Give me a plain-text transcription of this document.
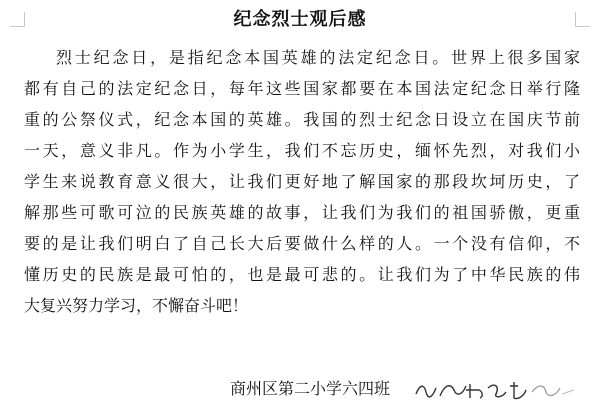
纪念烈士观后感
烈士纪念日，是指纪念本国英雄的法定纪念日。世界上很多国家
都有自己的法定纪念日，每年这些国家都要在本国法定纪念日举行隆
重的公祭仪式，纪念本国的英雄。我国的烈士纪念日设立在国庆节前
一天，意义非凡。作为小学生，我们不忘历史，缅怀先烈，对我们小
学生来说教育意义很大，让我们更好地了解国家的那段坎坷历史，了
解那些可歌可泣的民族英雄的故事，让我们为我们的祖国骄傲，更重
要的是让我们明白了自己长大后要做什么样的人。一个没有信仰，不
懂历史的民族是最可怕的，也是最可悲的。让我们为了中华民族的伟
大复兴努力学习，不懈奋斗吧！
商州区第二小学六四班
